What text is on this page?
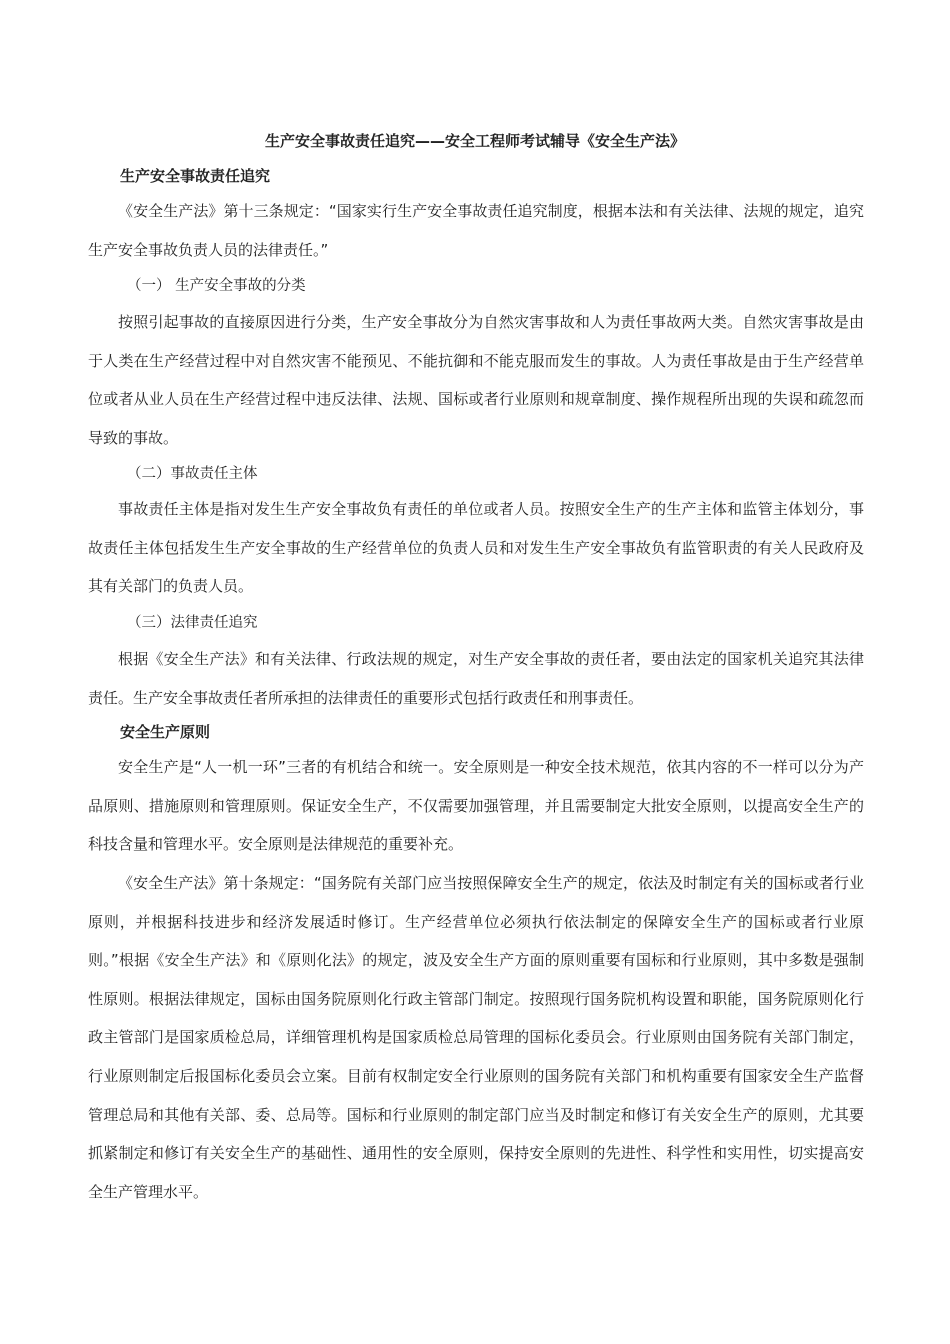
生产安全事故责任追究——安全工程师考试辅导《安全生产法》
生产安全事故责任追究

《安全生产法》第十三条规定：“国家实行生产安全事故责任追究制度，根据本法和有关法律、法规的规定，追究生产安全事故负责人员的法律责任。”

（一） 生产安全事故的分类

按照引起事故的直接原因进行分类，生产安全事故分为自然灾害事故和人为责任事故两大类。自然灾害事故是由于人类在生产经营过程中对自然灾害不能预见、不能抗御和不能克服而发生的事故。人为责任事故是由于生产经营单位或者从业人员在生产经营过程中违反法律、法规、国标或者行业原则和规章制度、操作规程所出现的失误和疏忽而导致的事故。

（二）事故责任主体

事故责任主体是指对发生生产安全事故负有责任的单位或者人员。按照安全生产的生产主体和监管主体划分，事故责任主体包括发生生产安全事故的生产经营单位的负责人员和对发生生产安全事故负有监管职责的有关人民政府及其有关部门的负责人员。

（三）法律责任追究

根据《安全生产法》和有关法律、行政法规的规定，对生产安全事故的责任者，要由法定的国家机关追究其法律责任。生产安全事故责任者所承担的法律责任的重要形式包括行政责任和刑事责任。

安全生产原则

安全生产是“人一机一环”三者的有机结合和统一。安全原则是一种安全技术规范，依其内容的不一样可以分为产品原则、措施原则和管理原则。保证安全生产，不仅需要加强管理，并且需要制定大批安全原则，以提高安全生产的科技含量和管理水平。安全原则是法律规范的重要补充。

《安全生产法》第十条规定：“国务院有关部门应当按照保障安全生产的规定，依法及时制定有关的国标或者行业原则，并根据科技进步和经济发展适时修订。生产经营单位必须执行依法制定的保障安全生产的国标或者行业原则。”根据《安全生产法》和《原则化法》的规定，波及安全生产方面的原则重要有国标和行业原则，其中多数是强制性原则。根据法律规定，国标由国务院原则化行政主管部门制定。按照现行国务院机构设置和职能，国务院原则化行政主管部门是国家质检总局，详细管理机构是国家质检总局管理的国标化委员会。行业原则由国务院有关部门制定，行业原则制定后报国标化委员会立案。目前有权制定安全行业原则的国务院有关部门和机构重要有国家安全生产监督管理总局和其他有关部、委、总局等。国标和行业原则的制定部门应当及时制定和修订有关安全生产的原则，尤其要抓紧制定和修订有关安全生产的基础性、通用性的安全原则，保持安全原则的先进性、科学性和实用性，切实提高安全生产管理水平。
